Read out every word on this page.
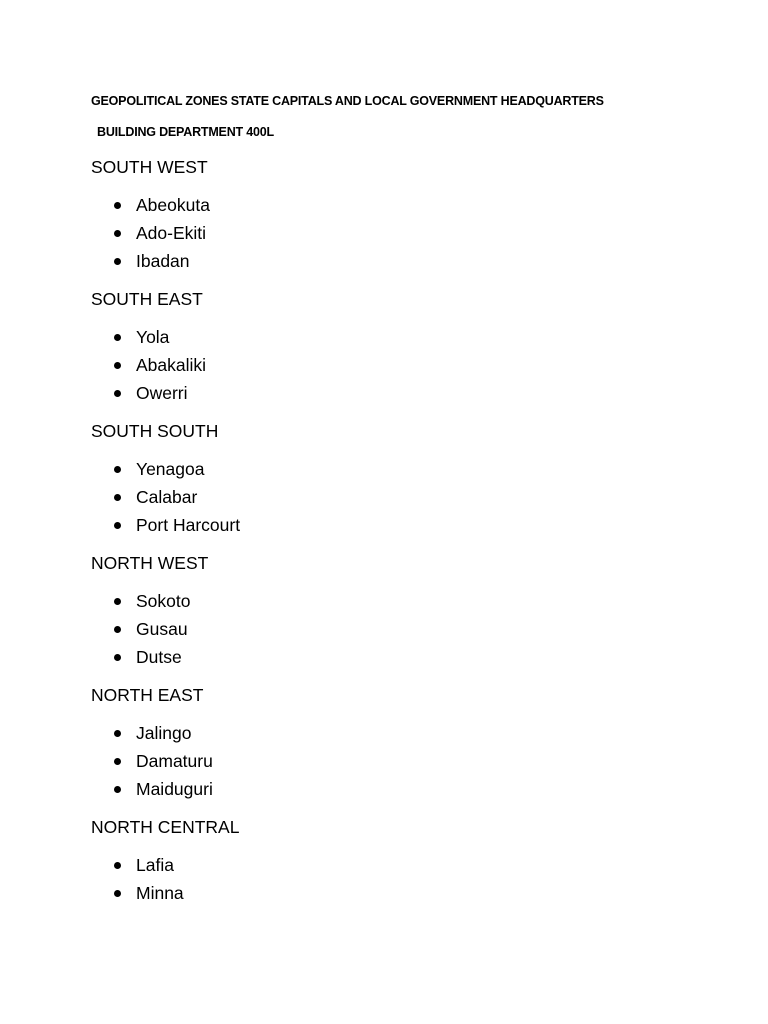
GEOPOLITICAL ZONES STATE CAPITALS AND LOCAL GOVERNMENT HEADQUARTERS
BUILDING DEPARTMENT 400L
SOUTH WEST
Abeokuta
Ado-Ekiti
Ibadan
SOUTH EAST
Yola
Abakaliki
Owerri
SOUTH SOUTH
Yenagoa
Calabar
Port Harcourt
NORTH WEST
Sokoto
Gusau
Dutse
NORTH EAST
Jalingo
Damaturu
Maiduguri
NORTH CENTRAL
Lafia
Minna
